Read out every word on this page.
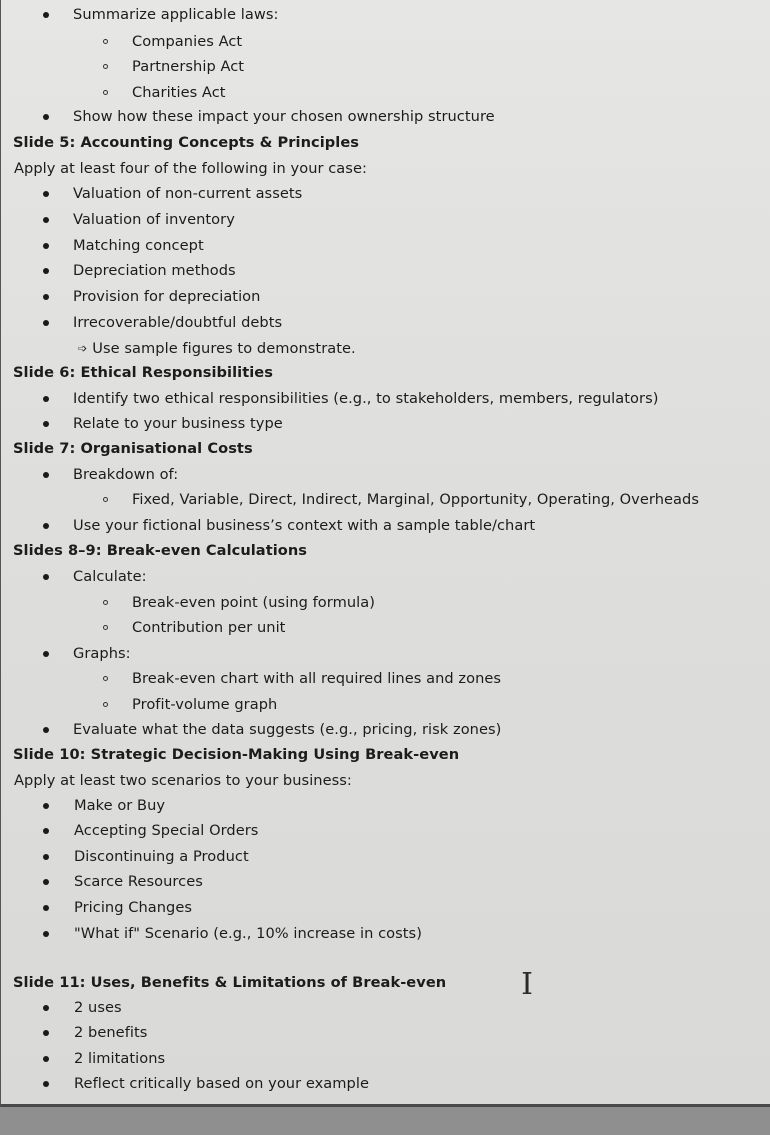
Summarize applicable laws:
Companies Act
Partnership Act
Charities Act
Show how these impact your chosen ownership structure
Slide 5: Accounting Concepts & Principles
Apply at least four of the following in your case:
Valuation of non-current assets
Valuation of inventory
Matching concept
Depreciation methods
Provision for depreciation
Irrecoverable/doubtful debts
➩ Use sample figures to demonstrate.
Slide 6: Ethical Responsibilities
Identify two ethical responsibilities (e.g., to stakeholders, members, regulators)
Relate to your business type
Slide 7: Organisational Costs
Breakdown of:
Fixed, Variable, Direct, Indirect, Marginal, Opportunity, Operating, Overheads
Use your fictional business’s context with a sample table/chart
Slides 8–9: Break-even Calculations
Calculate:
Break-even point (using formula)
Contribution per unit
Graphs:
Break-even chart with all required lines and zones
Profit-volume graph
Evaluate what the data suggests (e.g., pricing, risk zones)
Slide 10: Strategic Decision-Making Using Break-even
Apply at least two scenarios to your business:
Make or Buy
Accepting Special Orders
Discontinuing a Product
Scarce Resources
Pricing Changes
"What if" Scenario (e.g., 10% increase in costs)
Slide 11: Uses, Benefits & Limitations of Break-even
2 uses
2 benefits
2 limitations
Reflect critically based on your example
I
